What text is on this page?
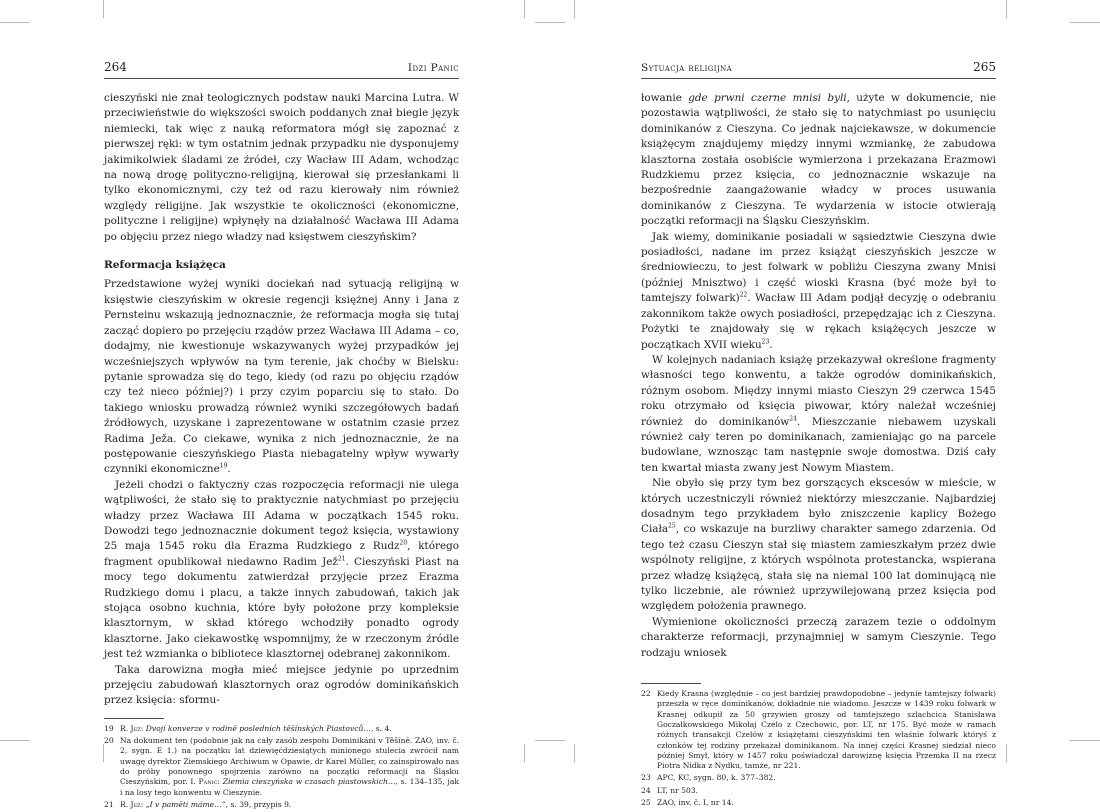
264	Idzi Panic

cieszyński nie znał teologicznych podstaw nauki Marcina Lutra. W przeciwieństwie do większości swoich poddanych znał biegle język niemiecki, tak więc z nauką reformatora mógł się zapoznać z pierwszej ręki: w tym ostatnim jednak przypadku nie dysponujemy jakimikolwiek śladami ze źródeł, czy Wacław III Adam, wchodząc na nową drogę polityczno-religijną, kierował się przesłankami li tylko ekonomicznymi, czy też od razu kierowały nim również względy religijne. Jak wszystkie te okoliczności (ekonomiczne, polityczne i religijne) wpłynęły na działalność Wacława III Adama po objęciu przez niego władzy nad księstwem cieszyńskim?

Reformacja książęca

Przedstawione wyżej wyniki dociekań nad sytuacją religijną w księstwie cieszyńskim w okresie regencji księżnej Anny i Jana z Pernsteinu wskazują jednoznacznie, że reformacja mogła się tutaj zacząć dopiero po przejęciu rządów przez Wacława III Adama – co, dodajmy, nie kwestionuje wskazywanych wyżej przypadków jej wcześniejszych wpływów na tym terenie, jak choćby w Bielsku: pytanie sprowadza się do tego, kiedy (od razu po objęciu rządów czy też nieco później?) i przy czyim poparciu się to stało. Do takiego wniosku prowadzą również wyniki szczegółowych badań źródłowych, uzyskane i zaprezentowane w ostatnim czasie przez Radima Ježa. Co ciekawe, wynika z nich jednoznacznie, że na postępowanie cieszyńskiego Piasta niebagatelny wpływ wywarły czynniki ekonomiczne$^{19}$.

Jeżeli chodzi o faktyczny czas rozpoczęcia reformacji nie ulega wątpliwości, że stało się to praktycznie natychmiast po przejęciu władzy przez Wacława III Adama w początkach 1545 roku. Dowodzi tego jednoznacznie dokument tegoż księcia, wystawiony 25 maja 1545 roku dla Erazma Rudzkiego z Rudz$^{20}$, którego fragment opublikował niedawno Radim Jež$^{21}$. Cieszyński Piast na mocy tego dokumentu zatwierdzał przyjęcie przez Erazma Rudzkiego domu i placu, a także innych zabudowań, takich jak stojąca osobno kuchnia, które były położone przy kompleksie klasztornym, w skład którego wchodziły ponadto ogrody klasztorne. Jako ciekawostkę wspomnijmy, że w rzeczonym źródle jest też wzmianka o bibliotece klasztornej odebranej zakonnikom.

Taka darowizna mogła mieć miejsce jedynie po uprzednim przejęciu zabudowań klasztornych oraz ogrodów dominikańskich przez księcia: sformu-

19 R. Jež: Dvojí konverze v rodině posledních těšínských Piastovců…, s. 4.
20 Na dokument ten (podobnie jak na cały zasób zespołu Dominikáni v Těšíně. ZAO, inv. č. 2, sygn. E 1.) na początku lat dziewięćdziesiątych minionego stulecia zwrócił nam uwagę dyrektor Ziemskiego Archiwum w Opawie, dr Karel Müller, co zainspirowało nas do próby ponownego spojrzenia zarówno na początki reformacji na Śląsku Cieszyńskim, por. I. Panic: Ziemia cieszyńska w czasach piastowskich…, s. 134–135, jak i na losy tego konwentu w Cieszynie.
21 R. Jež: „I v paměti máme…”, s. 39, przypis 9.
Sytuacja religijna	265

łowanie gde prwni czerne mnisi byli, użyte w dokumencie, nie pozostawia wątpliwości, że stało się to natychmiast po usunięciu dominikanów z Cieszyna. Co jednak najciekawsze, w dokumencie książęcym znajdujemy między innymi wzmiankę, że zabudowa klasztorna została osobiście wymierzona i przekazana Erazmowi Rudzkiemu przez księcia, co jednoznacznie wskazuje na bezpośrednie zaangażowanie władcy w proces usuwania dominikanów z Cieszyna. Te wydarzenia w istocie otwierają początki reformacji na Śląsku Cieszyńskim.

Jak wiemy, dominikanie posiadali w sąsiedztwie Cieszyna dwie posiadłości, nadane im przez książąt cieszyńskich jeszcze w średniowieczu, to jest folwark w pobliżu Cieszyna zwany Mnisi (później Mnisztwo) i część wioski Krasna (być może był to tamtejszy folwark)$^{22}$. Wacław III Adam podjął decyzję o odebraniu zakonnikom także owych posiadłości, przepędzając ich z Cieszyna. Pożytki te znajdowały się w rękach książęcych jeszcze w początkach XVII wieku$^{23}$.

W kolejnych nadaniach książę przekazywał określone fragmenty własności tego konwentu, a także ogrodów dominikańskich, różnym osobom. Między innymi miasto Cieszyn 29 czerwca 1545 roku otrzymało od księcia piwowar, który należał wcześniej również do dominikanów$^{24}$. Mieszczanie niebawem uzyskali również cały teren po dominikanach, zamieniając go na parcele budowlane, wznosząc tam następnie swoje domostwa. Dziś cały ten kwartał miasta zwany jest Nowym Miastem.

Nie obyło się przy tym bez gorszących ekscesów w mieście, w których uczestniczyli również niektórzy mieszczanie. Najbardziej dosadnym tego przykładem było zniszczenie kaplicy Bożego Ciała$^{25}$, co wskazuje na burzliwy charakter samego zdarzenia. Od tego też czasu Cieszyn stał się miastem zamieszkałym przez dwie wspólnoty religijne, z których wspólnota protestancka, wspierana przez władzę książęcą, stała się na niemal 100 lat dominującą nie tylko liczebnie, ale również uprzywilejowaną przez księcia pod względem położenia prawnego.

Wymienione okoliczności przeczą zarazem tezie o oddolnym charakterze reformacji, przynajmniej w samym Cieszynie. Tego rodzaju wniosek

22 Kiedy Krasna (względnie – co jest bardziej prawdopodobne – jedynie tamtejszy folwark) przeszła w ręce dominikanów, dokładnie nie wiadomo. Jeszcze w 1439 roku folwark w Krasnej odkupił za 50 grzywien groszy od tamtejszego szlachcica Stanisława Goczałkowskiego Mikołaj Czelo z Czechowic, por. LT, nr 175. Być może w ramach różnych transakcji Czelów z książętami cieszyńskimi ten właśnie folwark któryś z członków tej rodziny przekazał dominikanom. Na innej części Krasnej siedział nieco później Smył, który w 1457 roku poświadczał darowiznę księcia Przemka II na rzecz Piotra Nidka z Nydku, tamże, nr 221.
23 APC, KC, sygn. 80, k. 377–382.
24 LT, nr 503.
25 ZAO, inv. č. I, nr 14.
